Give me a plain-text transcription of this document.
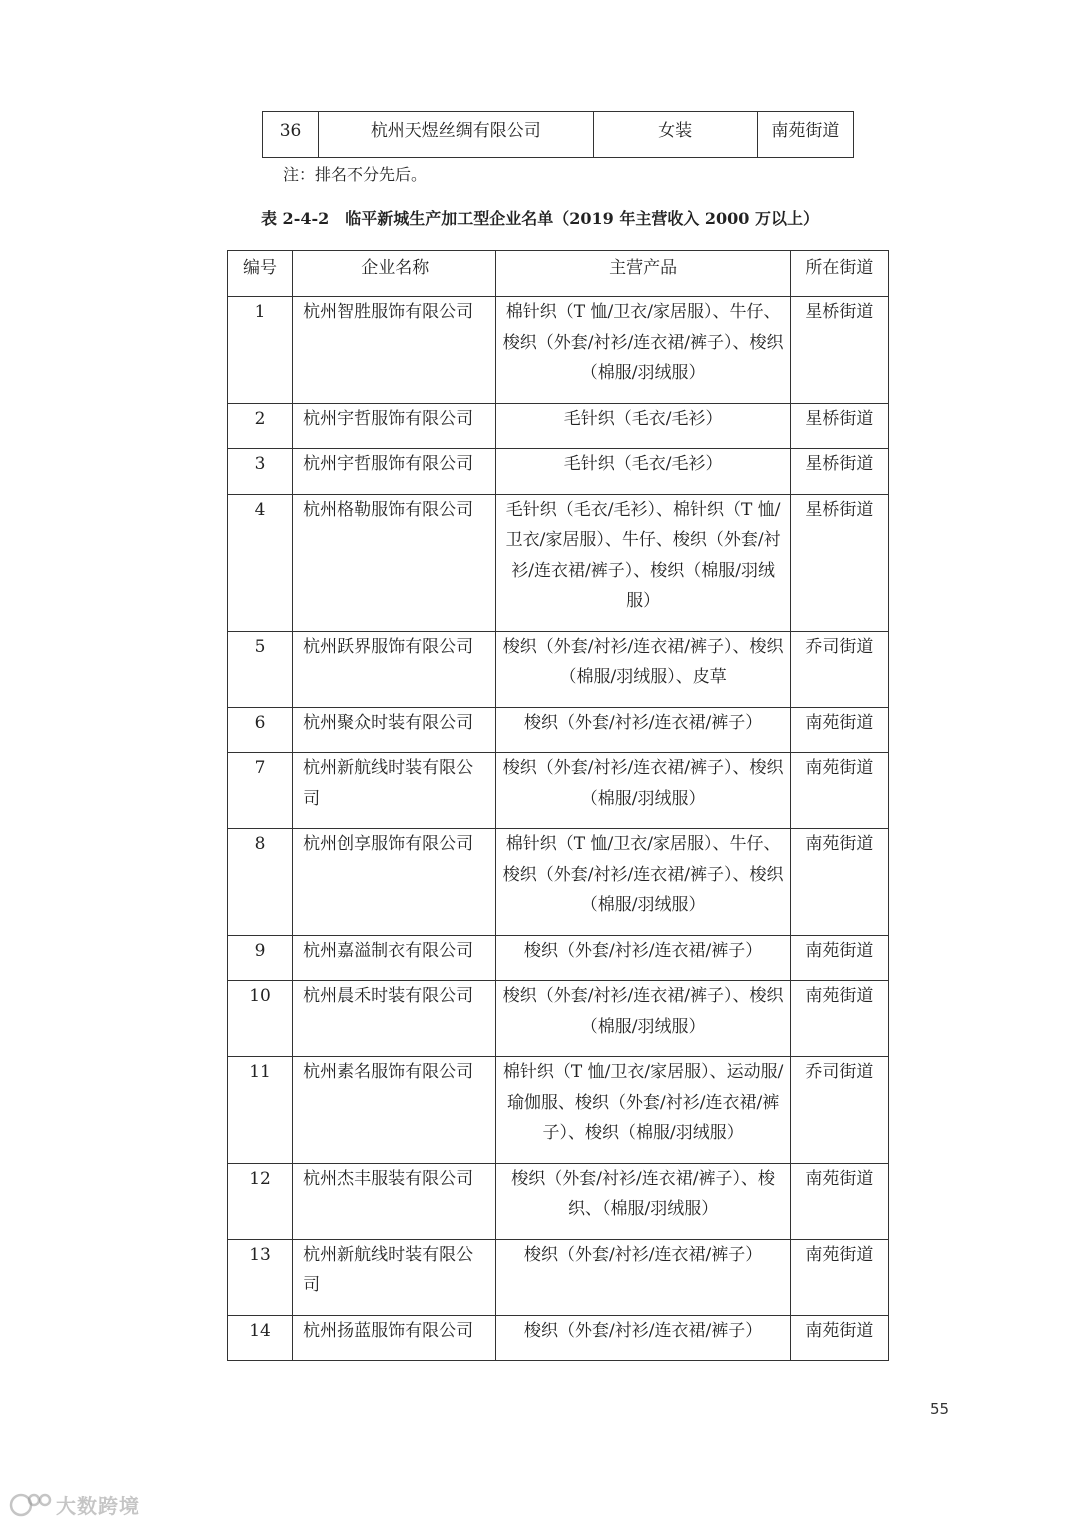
36	杭州天煜丝绸有限公司	女装	南苑街道
注：排名不分先后。
表 2-4-2　临平新城生产加工型企业名单（2019 年主营收入 2000 万以上）
编号	企业名称	主营产品	所在街道
1	杭州智胜服饰有限公司	棉针织（T 恤/卫衣/家居服）、牛仔、梭织（外套/衬衫/连衣裙/裤子）、梭织（棉服/羽绒服）	星桥街道
2	杭州宇哲服饰有限公司	毛针织（毛衣/毛衫）	星桥街道
3	杭州宇哲服饰有限公司	毛针织（毛衣/毛衫）	星桥街道
4	杭州格勒服饰有限公司	毛针织（毛衣/毛衫）、棉针织（T 恤/卫衣/家居服）、牛仔、梭织（外套/衬衫/连衣裙/裤子）、梭织（棉服/羽绒服）	星桥街道
5	杭州跃界服饰有限公司	梭织（外套/衬衫/连衣裙/裤子）、梭织（棉服/羽绒服）、皮草	乔司街道
6	杭州聚众时装有限公司	梭织（外套/衬衫/连衣裙/裤子）	南苑街道
7	杭州新航线时装有限公司	梭织（外套/衬衫/连衣裙/裤子）、梭织（棉服/羽绒服）	南苑街道
8	杭州创享服饰有限公司	棉针织（T 恤/卫衣/家居服）、牛仔、梭织（外套/衬衫/连衣裙/裤子）、梭织（棉服/羽绒服）	南苑街道
9	杭州嘉溢制衣有限公司	梭织（外套/衬衫/连衣裙/裤子）	南苑街道
10	杭州晨禾时装有限公司	梭织（外套/衬衫/连衣裙/裤子）、梭织（棉服/羽绒服）	南苑街道
11	杭州素名服饰有限公司	棉针织（T 恤/卫衣/家居服）、运动服/瑜伽服、梭织（外套/衬衫/连衣裙/裤子）、梭织（棉服/羽绒服）	乔司街道
12	杭州杰丰服装有限公司	梭织（外套/衬衫/连衣裙/裤子）、梭织、（棉服/羽绒服）	南苑街道
13	杭州新航线时装有限公司	梭织（外套/衬衫/连衣裙/裤子）	南苑街道
14	杭州扬蓝服饰有限公司	梭织（外套/衬衫/连衣裙/裤子）	南苑街道
55
大数跨境
